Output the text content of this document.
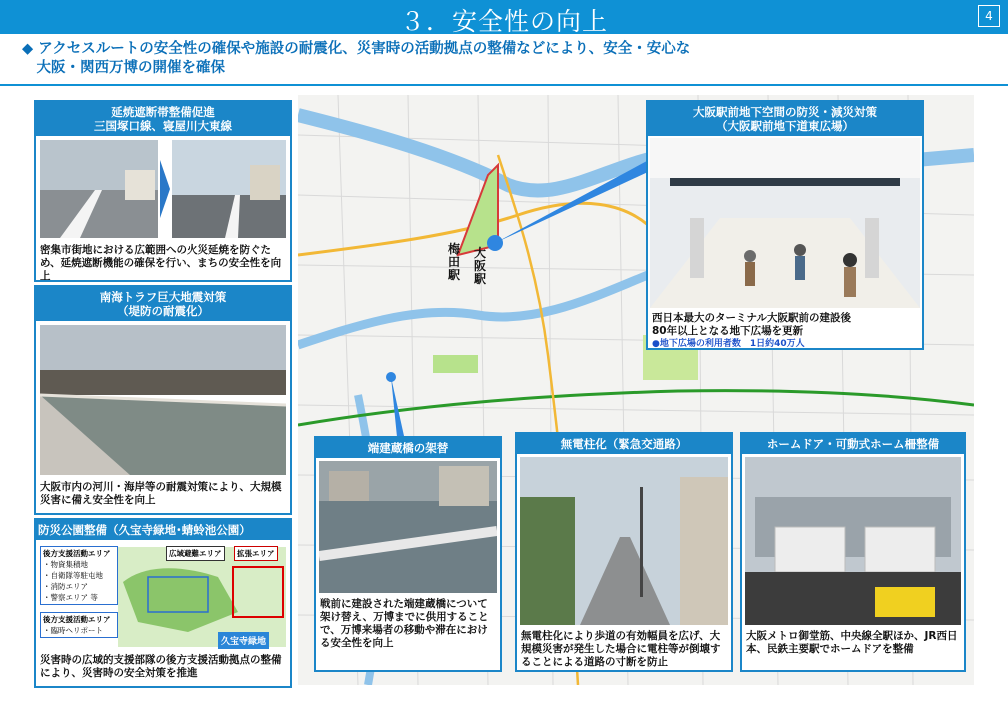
３．安全性の向上	4
◆ アクセスルートの安全性の確保や施設の耐震化、災害時の活動拠点の整備などにより、安全・安心な
　大阪・関西万博の開催を確保
梅田駅
大阪駅
延焼遮断帯整備促進
三国塚口線、寝屋川大東線
密集市街地における広範囲への火災延焼を防ぐため、延焼遮断機能の確保を行い、まちの安全性を向上
南海トラフ巨大地震対策
（堤防の耐震化）
大阪市内の河川・海岸等の耐震対策により、大規模災害に備え安全性を向上
防災公園整備（久宝寺緑地･蜻蛉池公園）
後方支援活動エリア
・物資集積地
・自衛隊等駐屯地
・消防エリア
・警察エリア 等
後方支援活動エリア
・臨時ヘリポート
広域避難エリア	拡張エリア
久宝寺緑地
災害時の広域的支援部隊の後方支援活動拠点の整備により、災害時の安全対策を推進
大阪駅前地下空間の防災・減災対策
（大阪駅前地下道東広場）
西日本最大のターミナル大阪駅前の建設後
80年以上となる地下広場を更新
●地下広場の利用者数　1日約40万人
端建蔵橋の架替
戦前に建設された端建蔵橋について架け替え、万博までに供用することで、万博来場者の移動や滞在における安全性を向上
無電柱化（緊急交通路）
無電柱化により歩道の有効幅員を広げ、大規模災害が発生した場合に電柱等が倒壊することによる道路の寸断を防止
ホームドア・可動式ホーム柵整備
大阪メトロ御堂筋、中央線全駅ほか、JR西日本、民鉄主要駅でホームドアを整備
